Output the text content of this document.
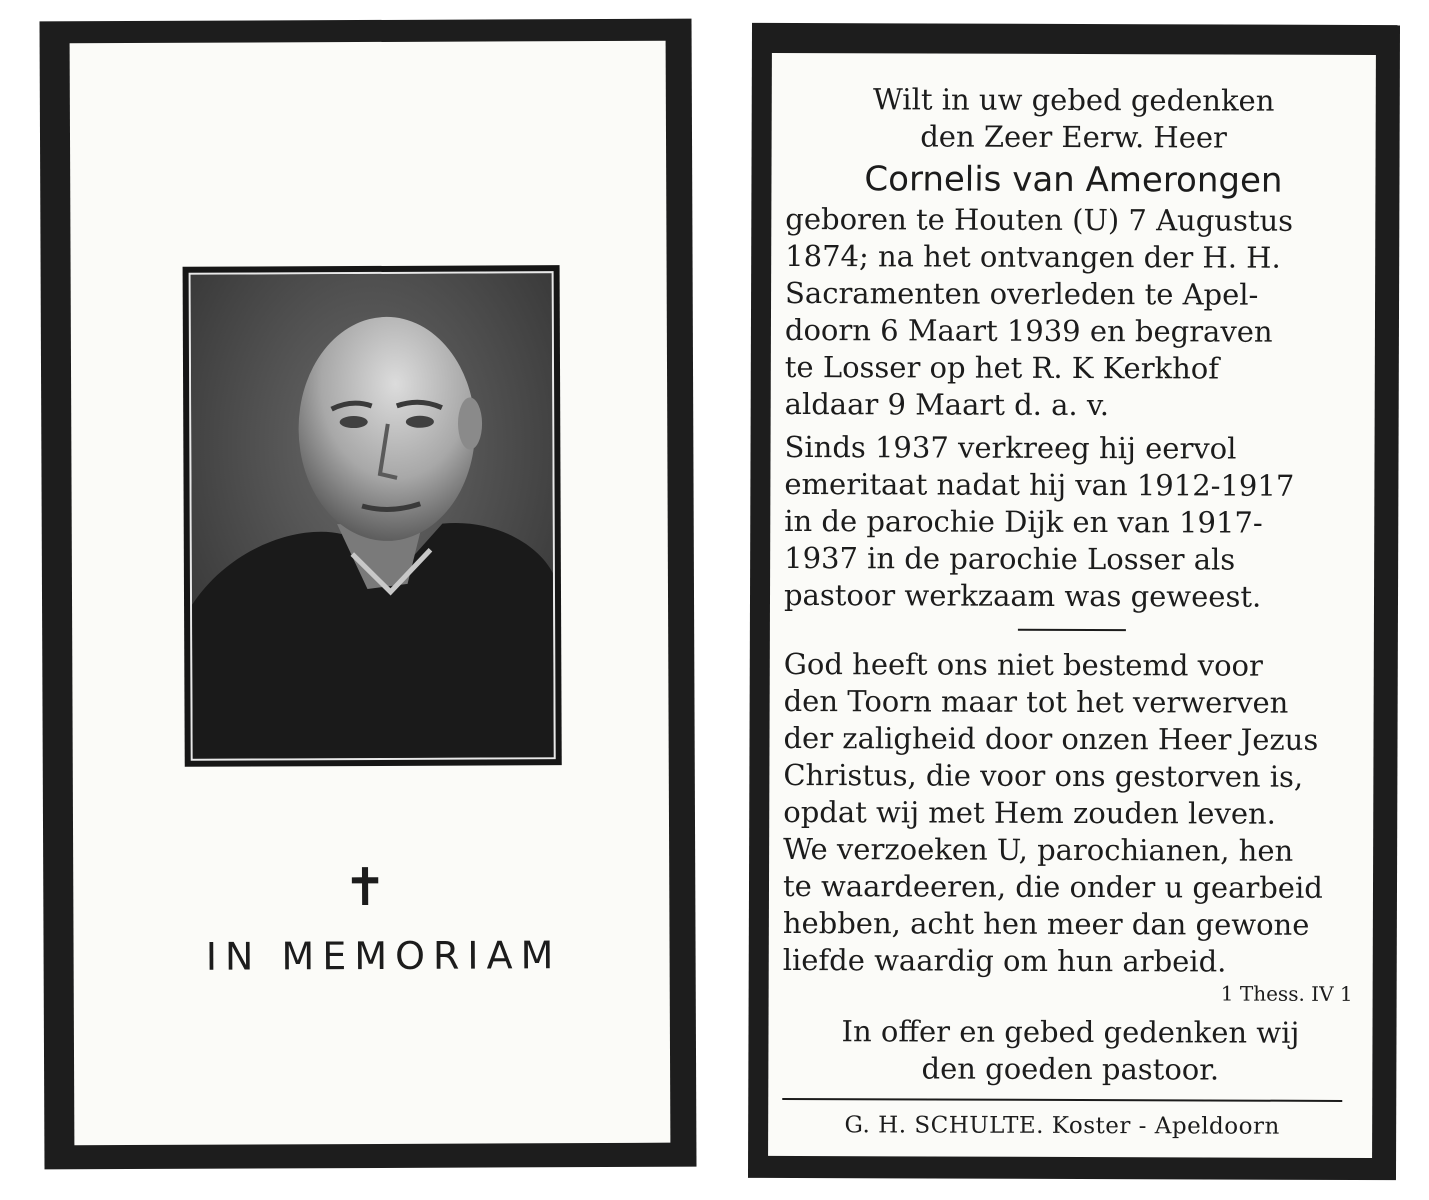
✝
IN MEMORIAM
Wilt in uw gebed gedenken
den Zeer Eerw. Heer
Cornelis van Amerongen
geboren te Houten (U) 7 Augustus
1874; na het ontvangen der H. H.
Sacramenten overleden te Apel-
doorn 6 Maart 1939 en begraven
te Losser op het R. K Kerkhof
aldaar 9 Maart d. a. v.
Sinds 1937 verkreeg hij eervol
emeritaat nadat hij van 1912-1917
in de parochie Dijk en van 1917-
1937 in de parochie Losser als
pastoor werkzaam was geweest.
God heeft ons niet bestemd voor
den Toorn maar tot het verwerven
der zaligheid door onzen Heer Jezus
Christus, die voor ons gestorven is,
opdat wij met Hem zouden leven.
We verzoeken U, parochianen, hen
te waardeeren, die onder u gearbeid
hebben, acht hen meer dan gewone
liefde waardig om hun arbeid.
1 Thess. IV 1
In offer en gebed gedenken wij
den goeden pastoor.
G. H. SCHULTE. Koster - Apeldoorn
